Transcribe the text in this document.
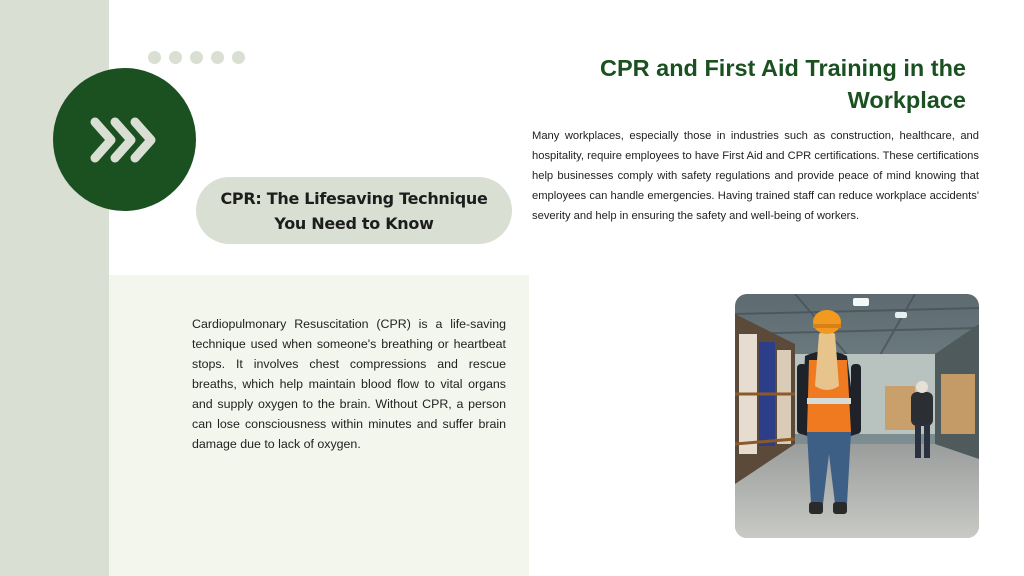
CPR: The Lifesaving Technique You Need to Know
CPR and First Aid Training in the Workplace

Many workplaces, especially those in industries such as construction, healthcare, and hospitality, require employees to have First Aid and CPR certifications. These certifications help businesses comply with safety regulations and provide peace of mind knowing that employees can handle emergencies. Having trained staff can reduce workplace accidents' severity and help in ensuring the safety and well-being of workers.

Cardiopulmonary Resuscitation (CPR) is a life-saving technique used when someone's breathing or heartbeat stops. It involves chest compressions and rescue breaths, which help maintain blood flow to vital organs and supply oxygen to the brain. Without CPR, a person can lose consciousness within minutes and suffer brain damage due to lack of oxygen.
